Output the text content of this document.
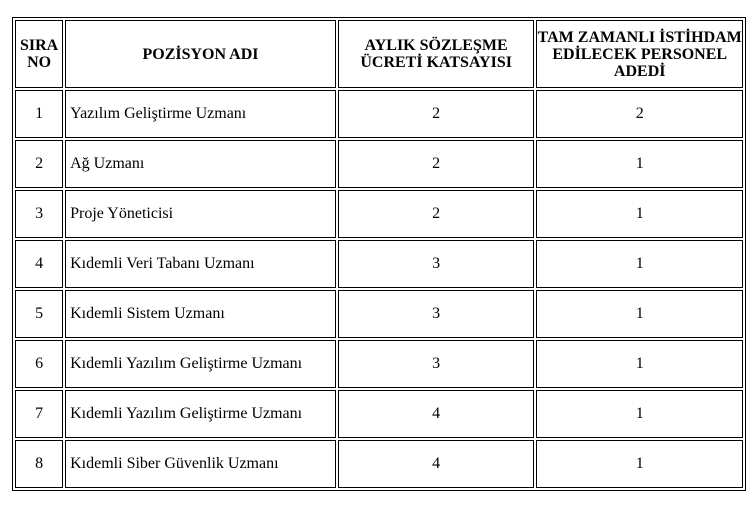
SIRA NO	POZİSYON ADI	AYLIK SÖZLEŞME ÜCRETİ KATSAYISI	TAM ZAMANLI İSTİHDAM EDİLECEK PERSONEL ADEDİ
1	Yazılım Geliştirme Uzmanı	2	2
2	Ağ Uzmanı	2	1
3	Proje Yöneticisi	2	1
4	Kıdemli Veri Tabanı Uzmanı	3	1
5	Kıdemli Sistem Uzmanı	3	1
6	Kıdemli Yazılım Geliştirme Uzmanı	3	1
7	Kıdemli Yazılım Geliştirme Uzmanı	4	1
8	Kıdemli Siber Güvenlik Uzmanı	4	1
